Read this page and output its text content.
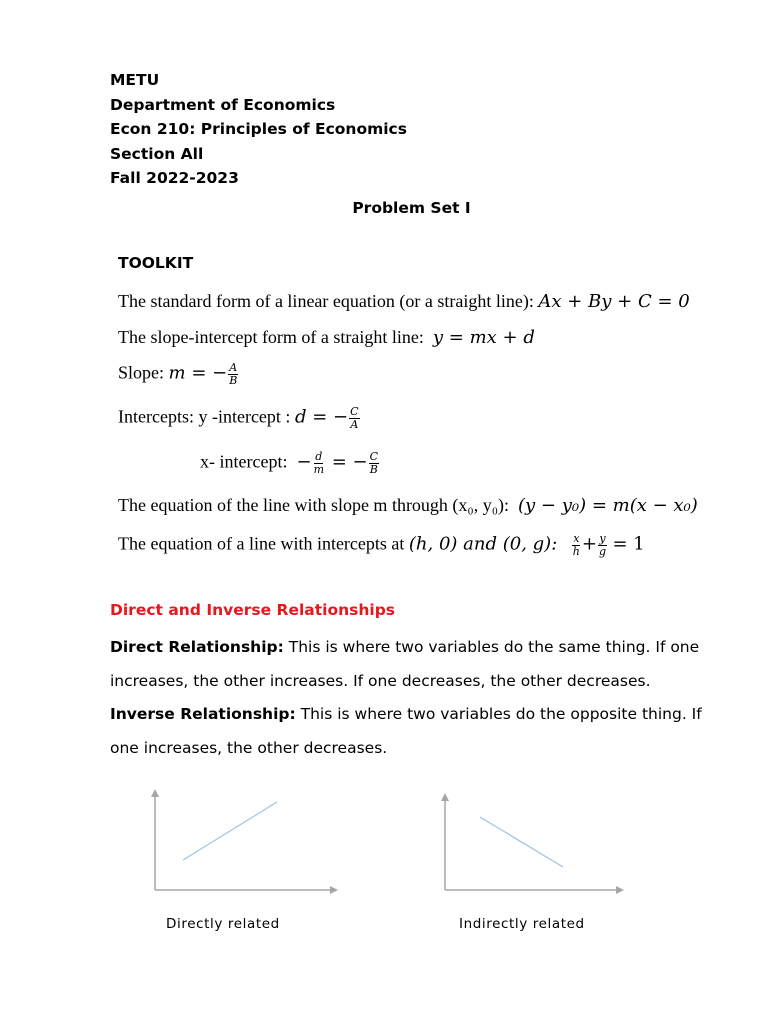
METU
Department of Economics
Econ 210: Principles of Economics
Section All
Fall 2022-2023
Problem Set I
TOOLKIT
The standard form of a linear equation (or a straight line): Ax + By + C = 0
The slope-intercept form of a straight line: y = mx + d
Slope: m = − $\frac{A}{B}$
Intercepts: y -intercept : d = − $\frac{C}{A}$
x- intercept: − $\frac{d}{m}$ = − $\frac{C}{B}$
The equation of the line with slope m through (x₀, y₀): (y − y₀) = m(x − x₀)
The equation of a line with intercepts at (h, 0) and (0, g): $\frac{x}{h} + \frac{y}{g} = 1$
Direct and Inverse Relationships
Direct Relationship: This is where two variables do the same thing. If one increases, the other increases. If one decreases, the other decreases.
Inverse Relationship: This is where two variables do the opposite thing. If one increases, the other decreases.
Directly related	Indirectly related
